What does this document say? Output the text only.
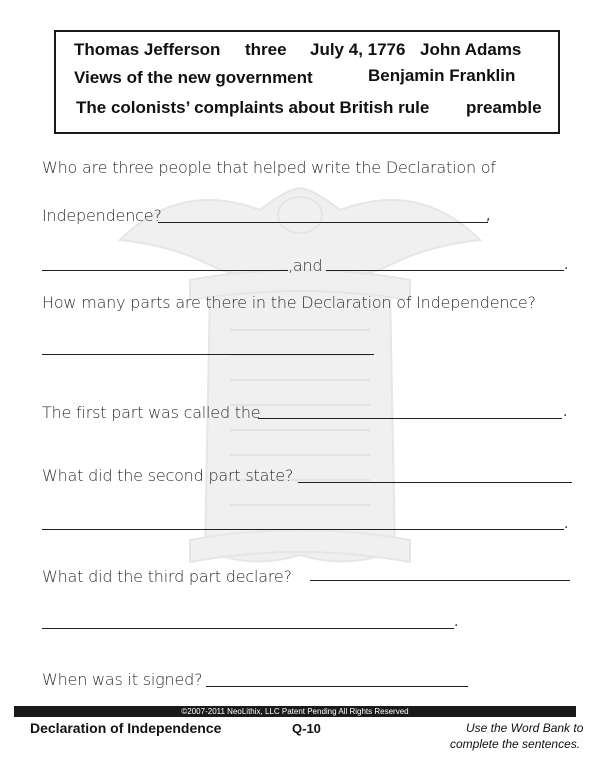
Thomas Jefferson three July 4, 1776 John Adams
Views of the new government	Benjamin Franklin
The colonists’ complaints about British rule preamble
Who are three people that helped write the Declaration of
Independence?	,
,and	.
How many parts are there in the Declaration of Independence?
The first part was called the	.
What did the second part state?
.
What did the third part declare?
.
When was it signed?
©2007-2011 NeoLithix, LLC Patent Pending All Rights Reserved
Declaration of Independence	Q-10	Use the Word Bank to
complete the sentences.
